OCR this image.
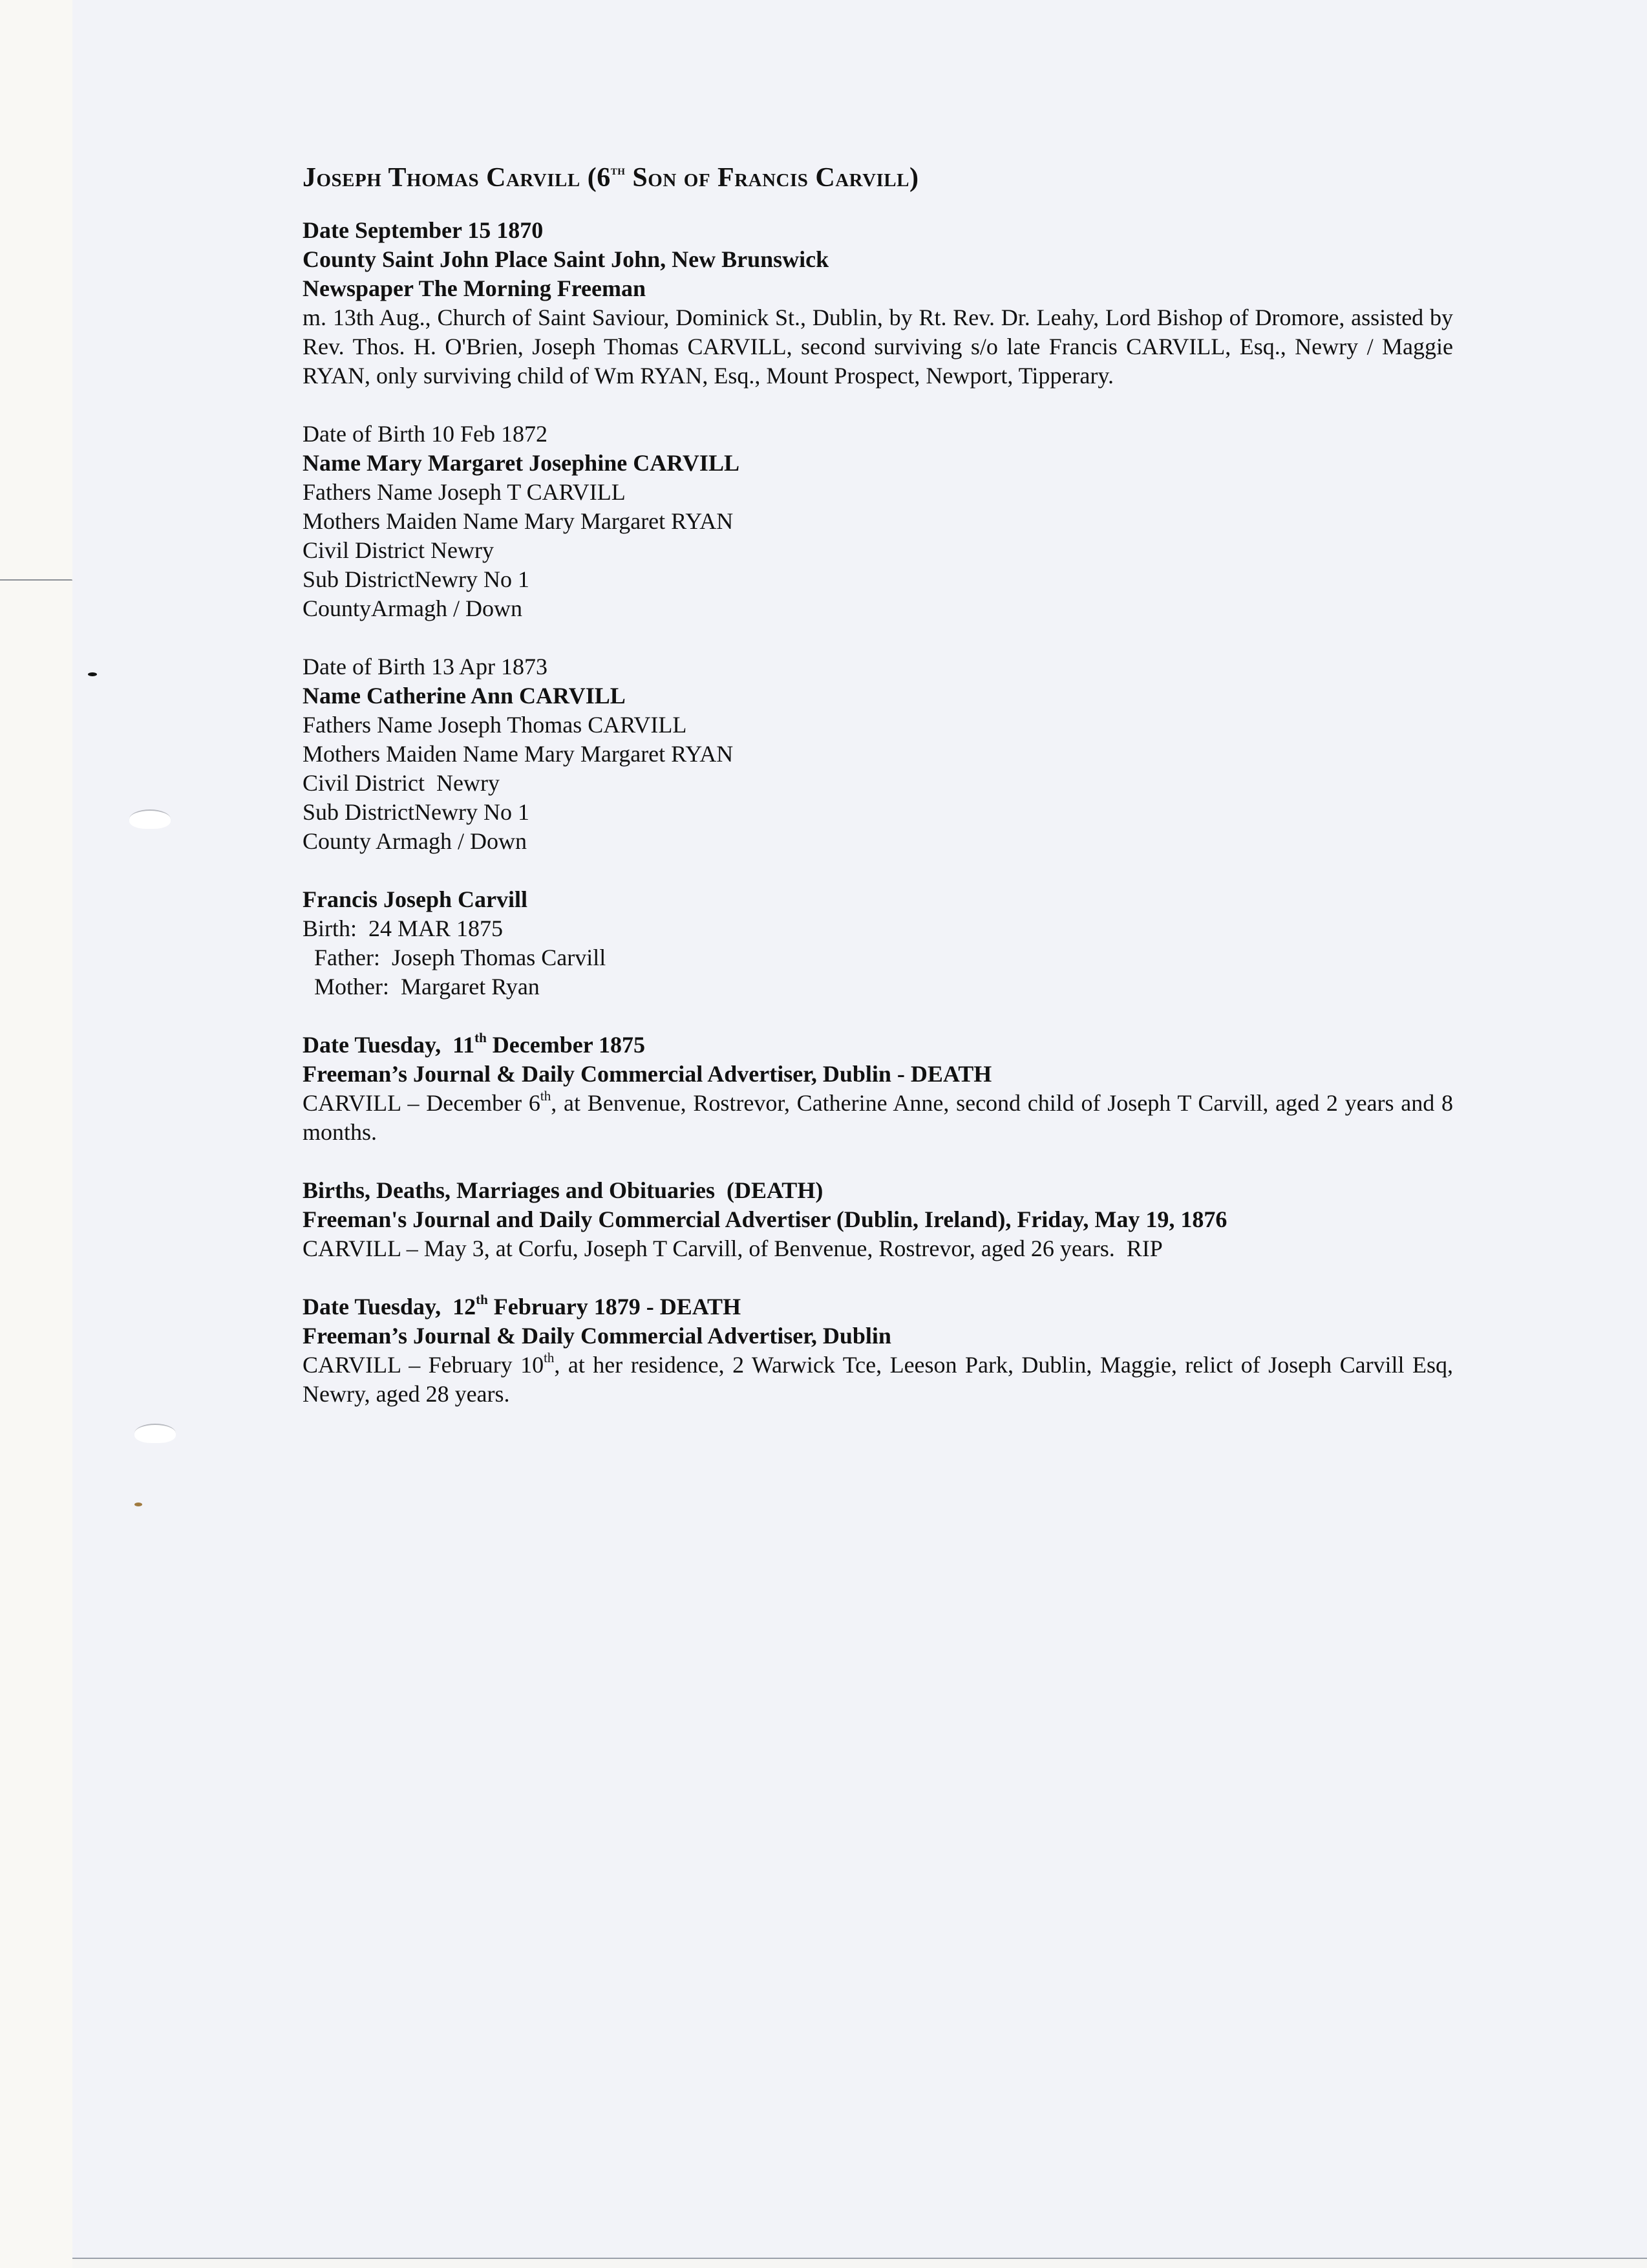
Joseph Thomas Carvill (6th Son of Francis Carvill)
Date September 15 1870
County Saint John Place Saint John, New Brunswick
Newspaper The Morning Freeman
m. 13th Aug., Church of Saint Saviour, Dominick St., Dublin, by Rt. Rev. Dr. Leahy, Lord Bishop of Dromore, assisted by Rev. Thos. H. O'Brien, Joseph Thomas CARVILL, second surviving s/o late Francis CARVILL, Esq., Newry / Maggie RYAN, only surviving child of Wm RYAN, Esq., Mount Prospect, Newport, Tipperary.
Date of Birth 10 Feb 1872
Name Mary Margaret Josephine CARVILL
Fathers Name Joseph T CARVILL
Mothers Maiden Name Mary Margaret RYAN
Civil District Newry
Sub DistrictNewry No 1
CountyArmagh / Down
Date of Birth 13 Apr 1873
Name Catherine Ann CARVILL
Fathers Name Joseph Thomas CARVILL
Mothers Maiden Name Mary Margaret RYAN
Civil District  Newry
Sub DistrictNewry No 1
County Armagh / Down
Francis Joseph Carvill
Birth:  24 MAR 1875
Father:  Joseph Thomas Carvill
Mother:  Margaret Ryan
Date Tuesday,  11th December 1875
Freeman’s Journal & Daily Commercial Advertiser, Dublin - DEATH
CARVILL – December 6th, at Benvenue, Rostrevor, Catherine Anne, second child of Joseph T Carvill, aged 2 years and 8 months.
Births, Deaths, Marriages and Obituaries  (DEATH)
Freeman's Journal and Daily Commercial Advertiser (Dublin, Ireland), Friday, May 19, 1876
CARVILL – May 3, at Corfu, Joseph T Carvill, of Benvenue, Rostrevor, aged 26 years.  RIP
Date Tuesday,  12th February 1879 - DEATH
Freeman’s Journal & Daily Commercial Advertiser, Dublin
CARVILL – February 10th, at her residence, 2 Warwick Tce, Leeson Park, Dublin, Maggie, relict of Joseph Carvill Esq, Newry, aged 28 years.
